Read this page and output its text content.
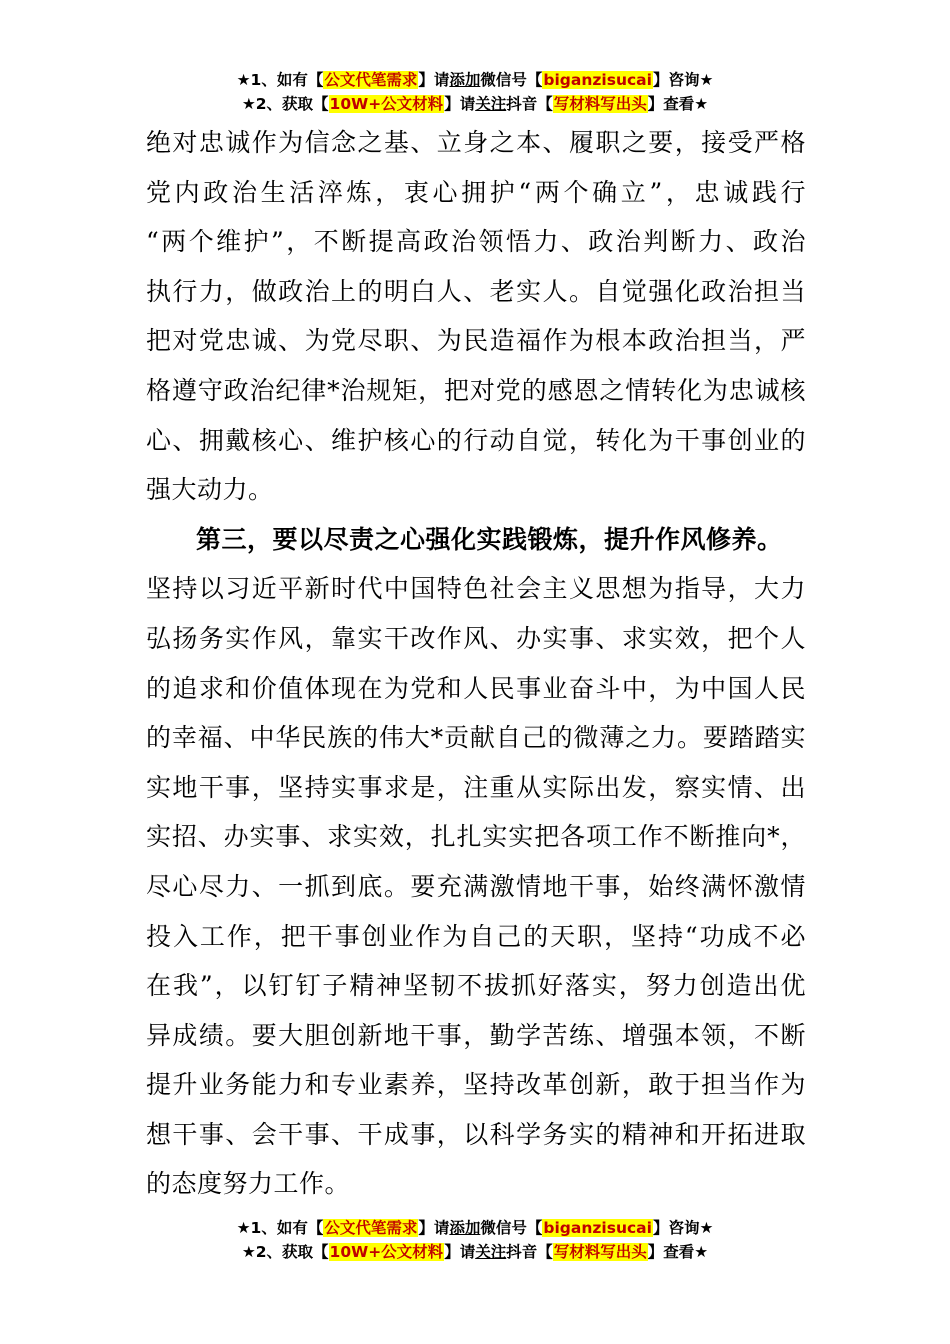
★1、如有【公文代笔需求】请添加微信号【biganzisucai】咨询★
★2、获取【10W+公文材料】请关注抖音【写材料写出头】查看★
绝对忠诚作为信念之基、立身之本、履职之要，接受严格
党内政治生活淬炼，衷心拥护“两个确立”，忠诚践行
“两个维护”，不断提高政治领悟力、政治判断力、政治
执行力，做政治上的明白人、老实人。自觉强化政治担当
把对党忠诚、为党尽职、为民造福作为根本政治担当，严
格遵守政治纪律*治规矩，把对党的感恩之情转化为忠诚核
心、拥戴核心、维护核心的行动自觉，转化为干事创业的
强大动力。
第三，要以尽责之心强化实践锻炼，提升作风修养。
坚持以习近平新时代中国特色社会主义思想为指导，大力
弘扬务实作风，靠实干改作风、办实事、求实效，把个人
的追求和价值体现在为党和人民事业奋斗中，为中国人民
的幸福、中华民族的伟大*贡献自己的微薄之力。要踏踏实
实地干事，坚持实事求是，注重从实际出发，察实情、出
实招、办实事、求实效，扎扎实实把各项工作不断推向*，
尽心尽力、一抓到底。要充满激情地干事，始终满怀激情
投入工作，把干事创业作为自己的天职，坚持“功成不必
在我”，以钉钉子精神坚韧不拔抓好落实，努力创造出优
异成绩。要大胆创新地干事，勤学苦练、增强本领，不断
提升业务能力和专业素养，坚持改革创新，敢于担当作为
想干事、会干事、干成事，以科学务实的精神和开拓进取
的态度努力工作。
★1、如有【公文代笔需求】请添加微信号【biganzisucai】咨询★
★2、获取【10W+公文材料】请关注抖音【写材料写出头】查看★
